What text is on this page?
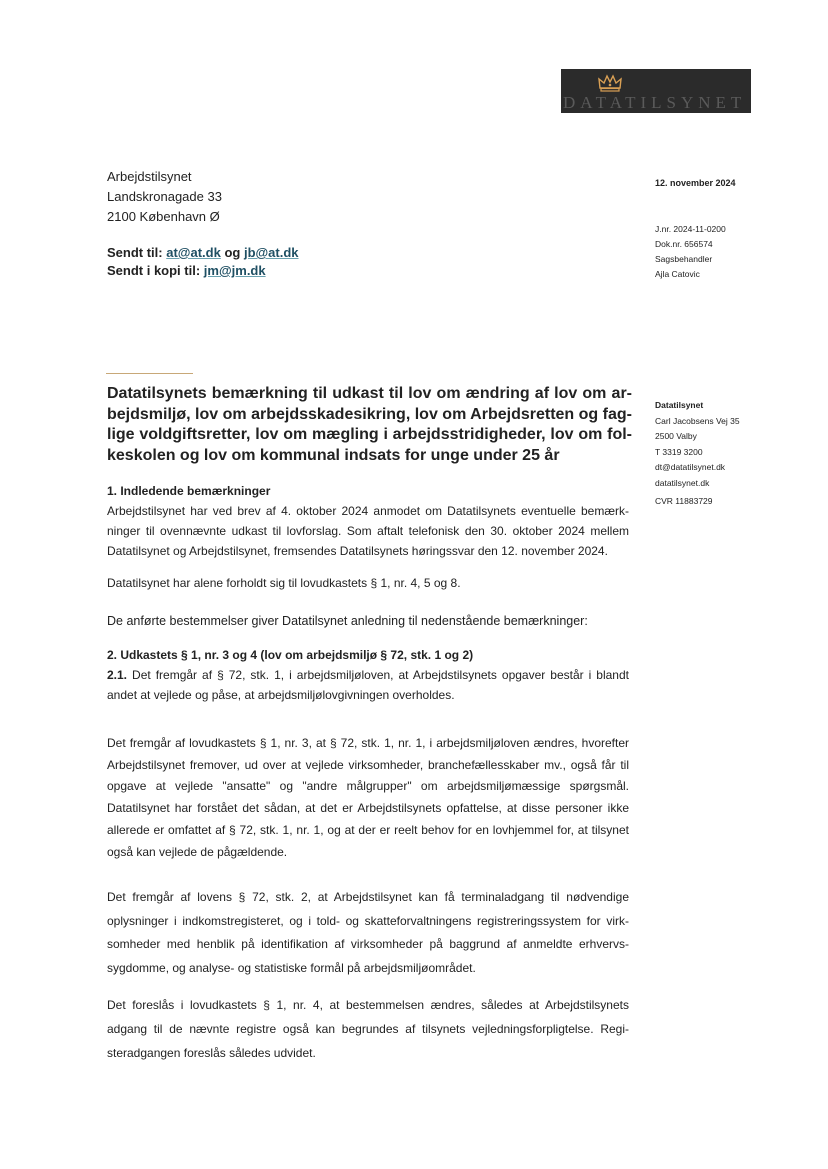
DATATILSYNET
Arbejdstilsynet
Landskronagade 33
2100 København Ø
Sendt til: at@at.dk og jb@at.dk
Sendt i kopi til: jm@jm.dk
12. november 2024
J.nr. 2024-11-0200
Dok.nr. 656574
Sagsbehandler
Ajla Catovic
Datatilsynet
Carl Jacobsens Vej 35
2500 Valby
T 3319 3200
dt@datatilsynet.dk
datatilsynet.dk
CVR 11883729
Datatilsynets bemærkning til udkast til lov om ændring af lov om arbejdsmiljø, lov om arbejdsskadesikring, lov om Arbejdsretten og faglige voldgiftsretter, lov om mægling i arbejdsstridigheder, lov om folkeskolen og lov om kommunal indsats for unge under 25 år
1. Indledende bemærkninger

Arbejdstilsynet har ved brev af 4. oktober 2024 anmodet om Datatilsynets eventuelle bemærkninger til ovennævnte udkast til lovforslag. Som aftalt telefonisk den 30. oktober 2024 mellem Datatilsynet og Arbejdstilsynet, fremsendes Datatilsynets høringssvar den 12. november 2024.

Datatilsynet har alene forholdt sig til lovudkastets § 1, nr. 4, 5 og 8.
De anførte bestemmelser giver Datatilsynet anledning til nedenstående bemærkninger:
2. Udkastets § 1, nr. 3 og 4 (lov om arbejdsmiljø § 72, stk. 1 og 2)

2.1. Det fremgår af § 72, stk. 1, i arbejdsmiljøloven, at Arbejdstilsynets opgaver består i blandt andet at vejlede og påse, at arbejdsmiljølovgivningen overholdes.

Det fremgår af lovudkastets § 1, nr. 3, at § 72, stk. 1, nr. 1, i arbejdsmiljøloven ændres, hvorefter Arbejdstilsynet fremover, ud over at vejlede virksomheder, branchefællesskaber mv., også får til opgave at vejlede "ansatte" og "andre målgrupper" om arbejdsmiljømæssige spørgsmål. Datatilsynet har forstået det sådan, at det er Arbejdstilsynets opfattelse, at disse personer ikke allerede er omfattet af § 72, stk. 1, nr. 1, og at der er reelt behov for en lovhjemmel for, at tilsynet også kan vejlede de pågældende.
Det fremgår af lovens § 72, stk. 2, at Arbejdstilsynet kan få terminaladgang til nødvendige oplysninger i indkomstregisteret, og i told- og skatteforvaltningens registreringssystem for virksomheder med henblik på identifikation af virksomheder på baggrund af anmeldte erhvervssygdomme, og analyse- og statistiske formål på arbejdsmiljøområdet.
Det foreslås i lovudkastets § 1, nr. 4, at bestemmelsen ændres, således at Arbejdstilsynets adgang til de nævnte registre også kan begrundes af tilsynets vejledningsforpligtelse. Registeradgangen foreslås således udvidet.
